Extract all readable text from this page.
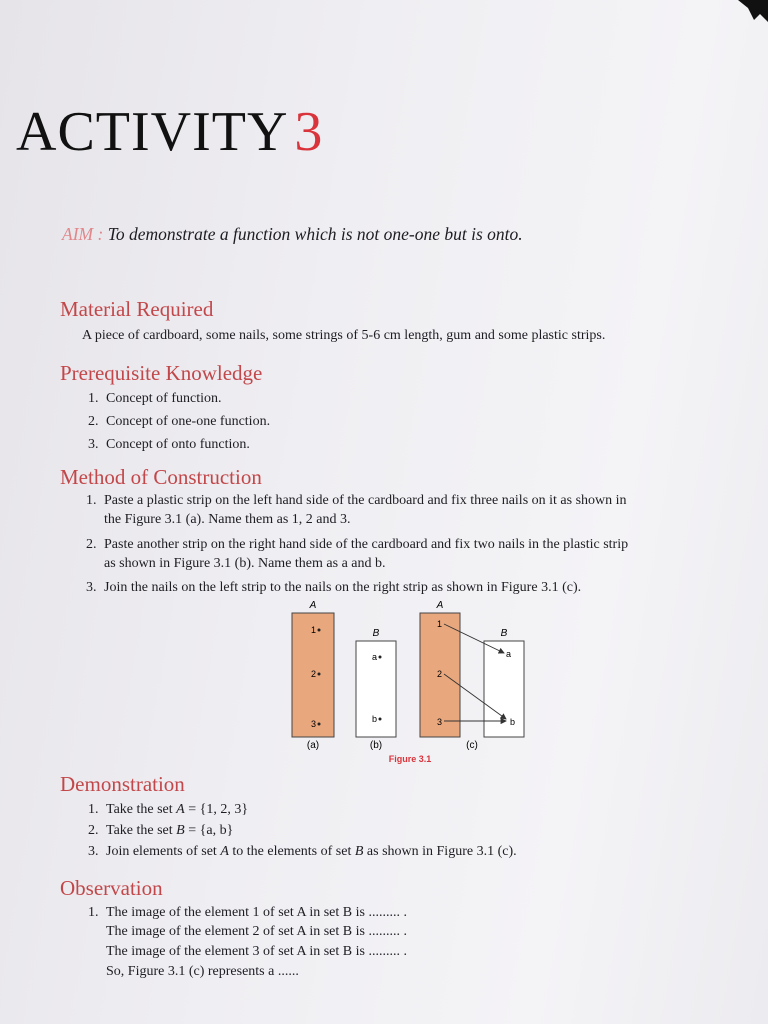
ACTIVITY 3
AIM : To demonstrate a function which is not one-one but is onto.
Material Required
A piece of cardboard, some nails, some strings of 5-6 cm length, gum and some plastic strips.
Prerequisite Knowledge
1. Concept of function.
2. Concept of one-one function.
3. Concept of onto function.
Method of Construction
1. Paste a plastic strip on the left hand side of the cardboard and fix three nails on it as shown in
the Figure 3.1 (a). Name them as 1, 2 and 3.
2. Paste another strip on the right hand side of the cardboard and fix two nails in the plastic strip
as shown in Figure 3.1 (b). Name them as a and b.
3. Join the nails on the left strip to the nails on the right strip as shown in Figure 3.1 (c).
A
1
2
3
(a)
B
a
b
(b)
A
B
1
2
3
a
b
(c)
Figure 3.1
Demonstration
1. Take the set A = {1, 2, 3}
2. Take the set B = {a, b}
3. Join elements of set A to the elements of set B as shown in Figure 3.1 (c).
Observation
1. The image of the element 1 of set A in set B is ......... .
The image of the element 2 of set A in set B is ......... .
The image of the element 3 of set A in set B is ......... .
So, Figure 3.1 (c) represents a ......
